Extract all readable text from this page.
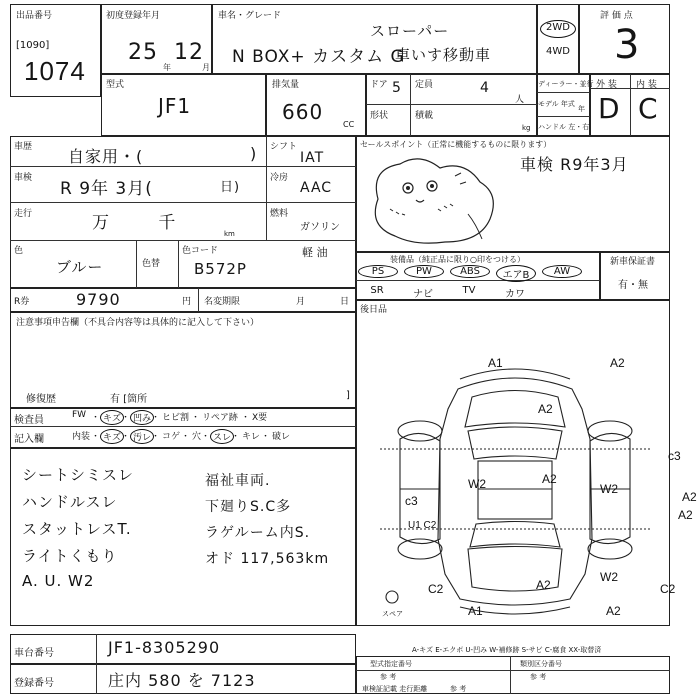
出品番号
[1090]
1074
初度登録年月
25
年
12
月
車名・グレード
N BOX+ カスタム G
スローパー
車いす移動車
2WD
4WD
評 価 点
3
型式
JF1
排気量
660
CC
ドア 5 定員	4
人
形状	積載
kg
ディーラー・並行
モデル 年式
年
ハンドル 左・右
外 装 内 装
D C
車歴 自家用・(	)
車検
R 9年 3月(	日)
走行	万 千
km
色
ブルー	色替
色コード
B572P
シフト
IAT
冷房
AAC
燃料
ガソリン
軽 油
R券	9790	円 名変期限	月	日
注意事項申告欄（不具合内容等は具体的に記入して下さい）
修復歴	有 [箇所	]
検査員
記入欄
FW ・ キズ ・ 凹み ・ ヒビ割 ・ リペア跡 ・ X要
内装 ・ キズ ・ 汚レ ・ コゲ ・ 穴 ・ スレ ・ キレ ・ 破レ
シートシミスレ
ハンドルスレ
スタットレスT.
ライトくもり
A. U. W2
福祉車両.
下廻りS.C多
ラゲルーム内S.
オド 117,563km
セールスポイント（正常に機能するものに限ります）
車検 R9年3月
装備品（純正品に限り○印をつける）
PS	PW	ABS	エアB	AW
SR	ナビ	TV	カワ
新車保証書
有・無
後日品
A1	A2
A2
A2
c3
c3
W2	W2
U1 C2
A2
A2
C2	C2
A2
A1	A2
W2
スペア
車台番号	JF1-8305290
登録番号	庄内 580 を 7123
A-キズ E-エクボ U-凹み W-補修跡 S-サビ C-腐食 XX-取替済
型式指定番号
参 考
類別区分番号
参 考
車検証記載 走行距離	参 考
